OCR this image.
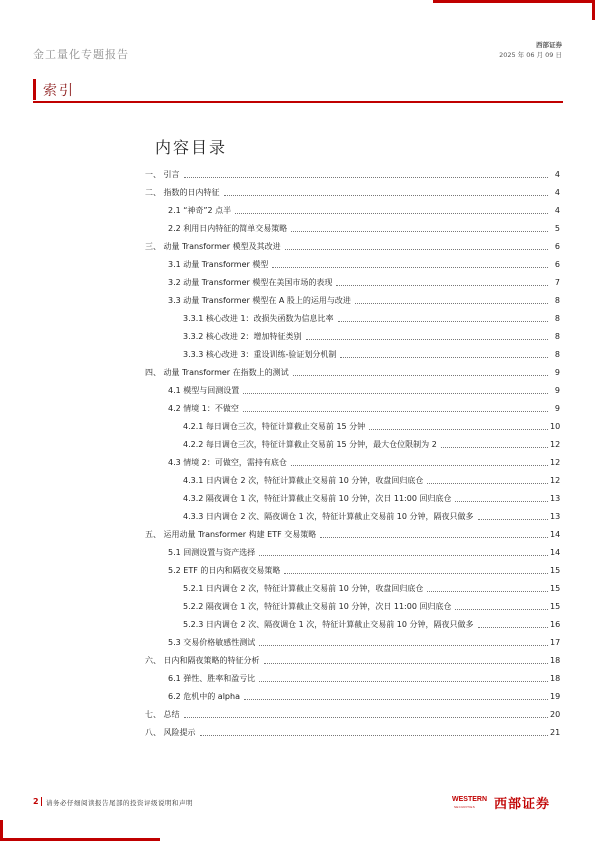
金工量化专题报告
西部证券
2025 年 06 月 09 日
索引
内容目录
一、 引言	4
二、 指数的日内特征	4
2.1 “神奇”2 点半	4
2.2 利用日内特征的简单交易策略	5
三、 动量 Transformer 模型及其改进	6
3.1 动量 Transformer 模型	6
3.2 动量 Transformer 模型在美国市场的表现	7
3.3 动量 Transformer 模型在 A 股上的运用与改进	8
3.3.1 核心改进 1：改损失函数为信息比率	8
3.3.2 核心改进 2：增加特征类别	8
3.3.3 核心改进 3：重设训练-验证划分机制	8
四、 动量 Transformer 在指数上的测试	9
4.1 模型与回测设置	9
4.2 情境 1：不做空	9
4.2.1 每日调仓三次，特征计算截止交易前 15 分钟	10
4.2.2 每日调仓三次，特征计算截止交易前 15 分钟，最大仓位限制为 2	12
4.3 情境 2：可做空，需持有底仓	12
4.3.1 日内调仓 2 次，特征计算截止交易前 10 分钟，收盘回归底仓	12
4.3.2 隔夜调仓 1 次，特征计算截止交易前 10 分钟，次日 11:00 回归底仓	13
4.3.3 日内调仓 2 次、隔夜调仓 1 次，特征计算截止交易前 10 分钟，隔夜只做多	13
五、 运用动量 Transformer 构建 ETF 交易策略	14
5.1 回测设置与资产选择	14
5.2 ETF 的日内和隔夜交易策略	15
5.2.1 日内调仓 2 次，特征计算截止交易前 10 分钟，收盘回归底仓	15
5.2.2 隔夜调仓 1 次，特征计算截止交易前 10 分钟，次日 11:00 回归底仓	15
5.2.3 日内调仓 2 次、隔夜调仓 1 次，特征计算截止交易前 10 分钟，隔夜只做多	16
5.3 交易价格敏感性测试	17
六、 日内和隔夜策略的特征分析	18
6.1 弹性、胜率和盈亏比	18
6.2 危机中的 alpha	19
七、 总结	20
八、 风险提示	21
2 请务必仔细阅读报告尾部的投资评级说明和声明	WESTERN
SECURITIES 西部证券
